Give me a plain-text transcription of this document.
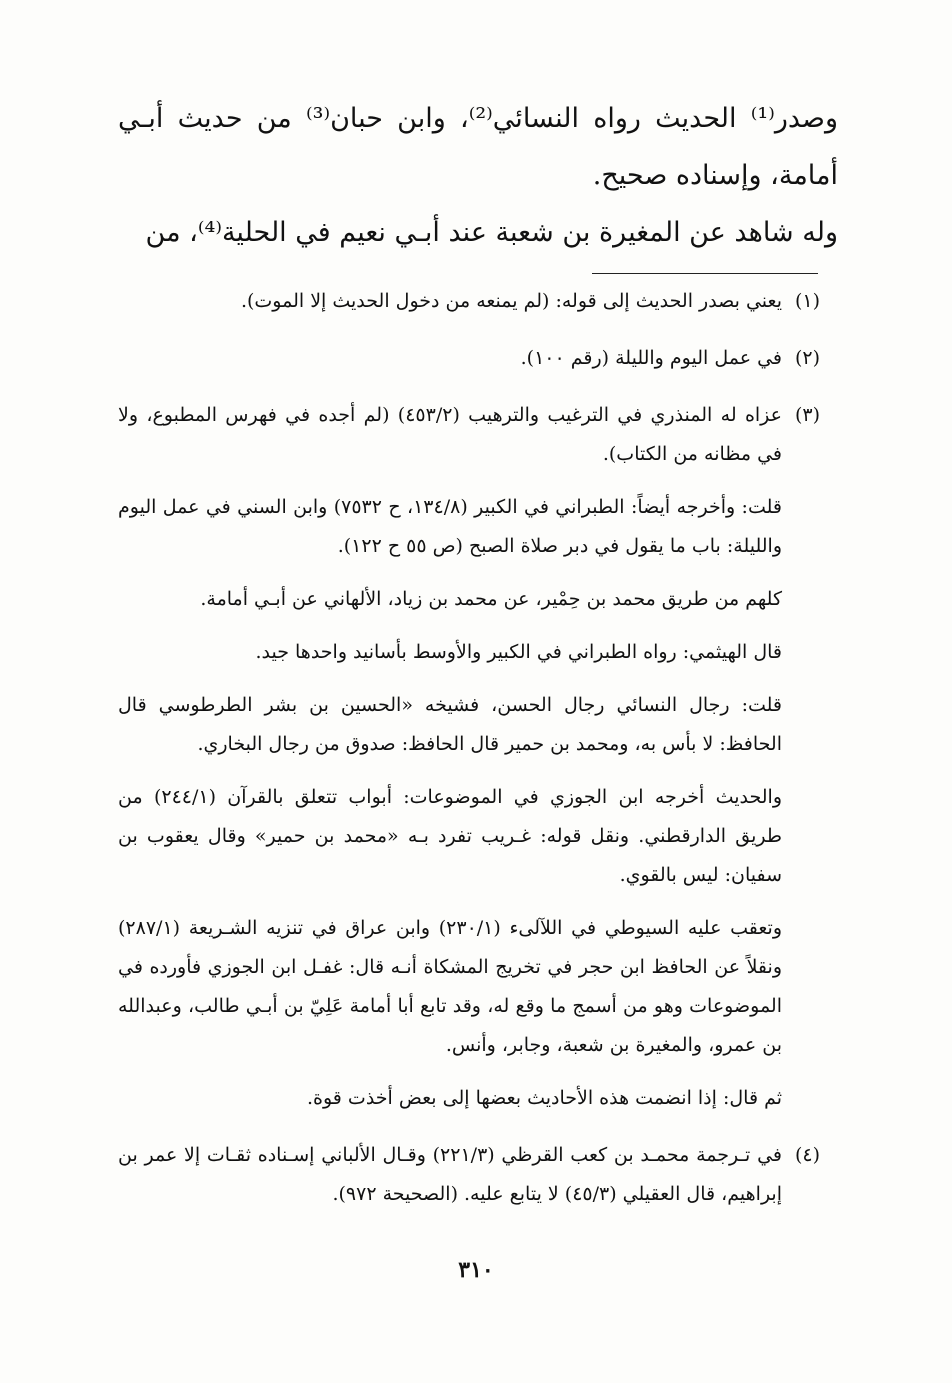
وصدر⁽¹⁾ الحديث رواه النسائي⁽²⁾، وابن حبان⁽³⁾ من حديث أبـي أمامة، وإسناده صحيح.

وله شاهد عن المغيرة بن شعبة عند أبـي نعيم في الحلية⁽⁴⁾، من

(١)

يعني بصدر الحديث إلى قوله: (لم يمنعه من دخول الحديث إلا الموت).

(٢)

في عمل اليوم والليلة (رقم ١٠٠).

(٣)

عزاه له المنذري في الترغيب والترهيب (٤٥٣/٢) (لم أجده في فهرس المطبوع، ولا في مظانه من الكتاب).

قلت: وأخرجه أيضاً: الطبراني في الكبير (١٣٤/٨، ح ٧٥٣٢) وابن السني في عمل اليوم والليلة: باب ما يقول في دبر صلاة الصبح (ص ٥٥ ح ١٢٢).

كلهم من طريق محمد بن حِمْير، عن محمد بن زياد، الألهاني عن أبـي أمامة.

قال الهيثمي: رواه الطبراني في الكبير والأوسط بأسانيد واحدها جيد.

قلت: رجال النسائي رجال الحسن، فشيخه «الحسين بن بشر الطرطوسي قال الحافظ: لا بأس به، ومحمد بن حمير قال الحافظ: صدوق من رجال البخاري.

والحديث أخرجه ابن الجوزي في الموضوعات: أبواب تتعلق بالقرآن (٢٤٤/١) من طريق الدارقطني. ونقل قوله: غـريب تفرد بـه «محمد بن حمير» وقال يعقوب بن سفيان: ليس بالقوي.

وتعقب عليه السيوطي في اللآلىء (٢٣٠/١) وابن عراق في تنزيه الشـريعة (٢٨٧/١) ونقلاً عن الحافظ ابن حجر في تخريج المشكاة أنـه قال: غفـل ابن الجوزي فأورده في الموضوعات وهو من أسمج ما وقع له، وقد تابع أبا أمامة عَلِيّ بن أبـي طالب، وعبدالله بن عمرو، والمغيرة بن شعبة، وجابر، وأنس.

ثم قال: إذا انضمت هذه الأحاديث بعضها إلى بعض أخذت قوة.

(٤)

في تـرجمة محمـد بن كعب القرظي (٢٢١/٣) وقـال الألباني إسـناده ثقـات إلا عمر بن إبراهيم، قال العقيلي (٤٥/٣) لا يتابع عليه. (الصحيحة ٩٧٢).

٣١٠
